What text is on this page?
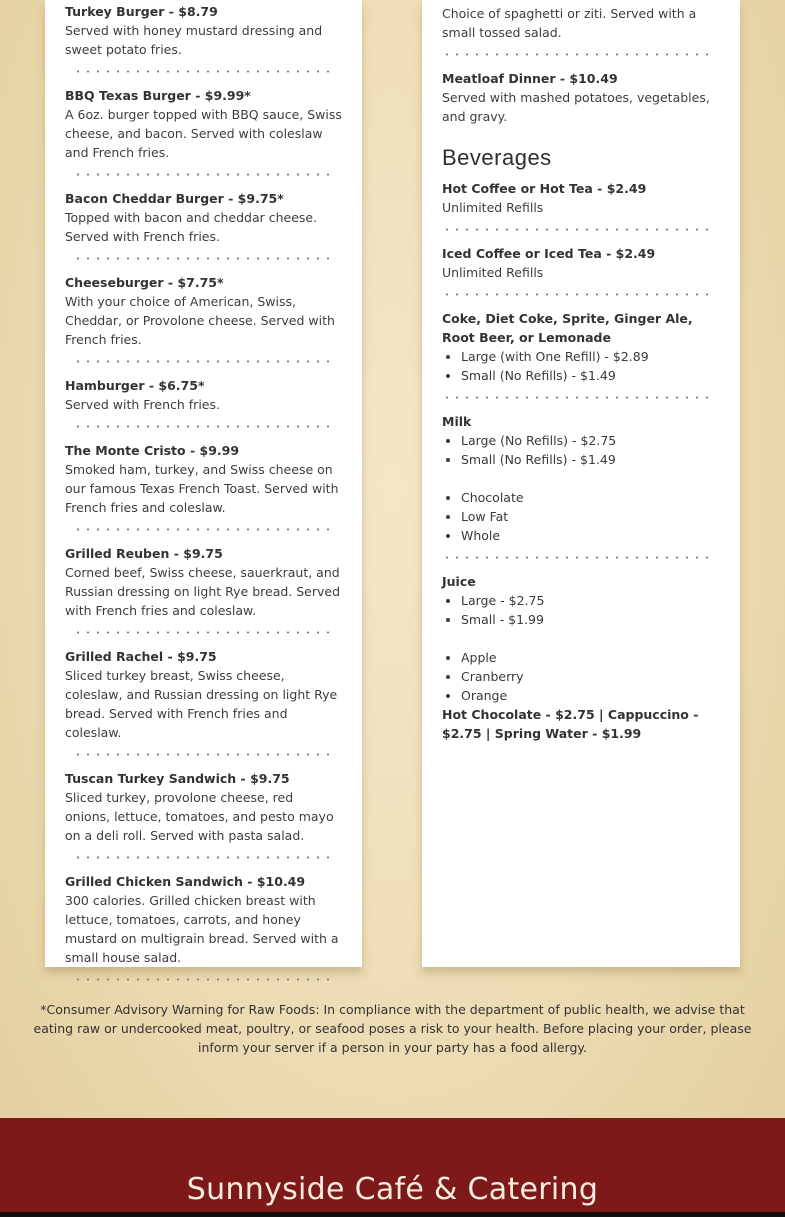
Turkey Burger - $8.79
Served with honey mustard dressing and sweet potato fries.
BBQ Texas Burger - $9.99*
A 6oz. burger topped with BBQ sauce, Swiss cheese, and bacon. Served with coleslaw and French fries.
Bacon Cheddar Burger - $9.75*
Topped with bacon and cheddar cheese. Served with French fries.
Cheeseburger - $7.75*
With your choice of American, Swiss, Cheddar, or Provolone cheese. Served with French fries.
Hamburger - $6.75*
Served with French fries.
The Monte Cristo - $9.99
Smoked ham, turkey, and Swiss cheese on our famous Texas French Toast. Served with French fries and coleslaw.
Grilled Reuben - $9.75
Corned beef, Swiss cheese, sauerkraut, and Russian dressing on light Rye bread. Served with French fries and coleslaw.
Grilled Rachel - $9.75
Sliced turkey breast, Swiss cheese, coleslaw, and Russian dressing on light Rye bread. Served with French fries and coleslaw.
Tuscan Turkey Sandwich - $9.75
Sliced turkey, provolone cheese, red onions, lettuce, tomatoes, and pesto mayo on a deli roll. Served with pasta salad.
Grilled Chicken Sandwich - $10.49
300 calories. Grilled chicken breast with lettuce, tomatoes, carrots, and honey mustard on multigrain bread. Served with a small house salad.
Choice of spaghetti or ziti. Served with a small tossed salad.
Meatloaf Dinner - $10.49
Served with mashed potatoes, vegetables, and gravy.
Beverages
Hot Coffee or Hot Tea - $2.49
Unlimited Refills
Iced Coffee or Iced Tea - $2.49
Unlimited Refills
Coke, Diet Coke, Sprite, Ginger Ale, Root Beer, or Lemonade
• Large (with One Refill) - $2.89
• Small (No Refills) - $1.49
Milk
• Large (No Refills) - $2.75
• Small (No Refills) - $1.49
• Chocolate
• Low Fat
• Whole
Juice
• Large - $2.75
• Small - $1.99
• Apple
• Cranberry
• Orange
Hot Chocolate - $2.75 | Cappuccino - $2.75 | Spring Water - $1.99
*Consumer Advisory Warning for Raw Foods: In compliance with the department of public health, we advise that eating raw or undercooked meat, poultry, or seafood poses a risk to your health. Before placing your order, please inform your server if a person in your party has a food allergy.
Sunnyside Café & Catering
